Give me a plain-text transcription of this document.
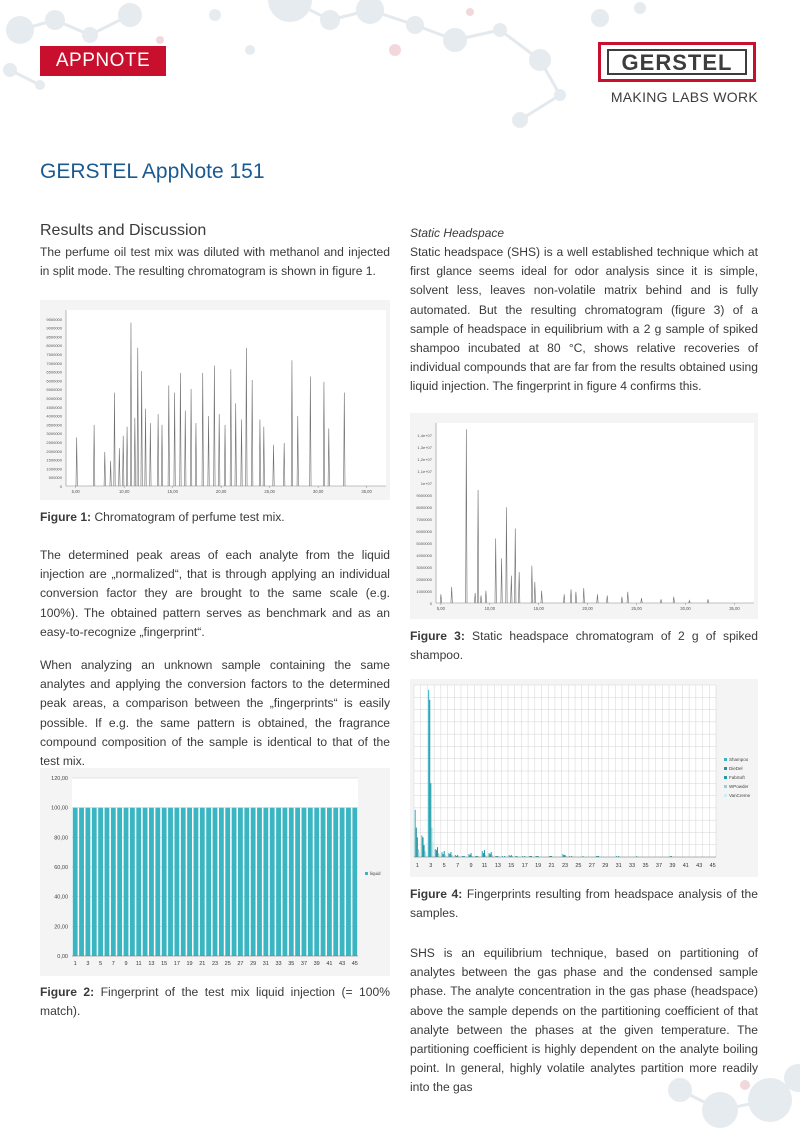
APPNOTE	GERSTEL
MAKING LABS WORK
GERSTEL AppNote 151
Results and Discussion
The perfume oil test mix was diluted with methanol and injected in split mode. The resulting chromatogram is shown in figure 1.
0
500000
1000000
1500000
2000000
2500000
3000000
3500000
4000000
4500000
5000000
5500000
6000000
6500000
7000000
7500000
8000000
8500000
9000000
9500000
5,00	10,00	15,00	20,00	25,00	30,00	35,00
Figure 1: Chromatogram of perfume test mix.
The determined peak areas of each analyte from the liquid injection are „normalized“, that is through applying an individual conversion factor they are brought to the same scale (e.g. 100%). The obtained pattern serves as benchmark and as an easy-to-recognize „fingerprint“.
When analyzing an unknown sample containing the same analytes and applying the conversion factors to the determined peak areas, a comparison between the „fingerprints“ is easily possible. If e.g. the same pattern is obtained, the fragrance compound composition of the sample is identical to that of the test mix.
0,00
20,00
40,00
60,00
80,00
100,00
120,00
1 3 5 7 9 11 13 15 17 19 21 23 25 27 29 31 33 35 37 39 41 43 45
liquid
Figure 2: Fingerprint of the test mix liquid injection (= 100% match).
Static Headspace
Static headspace (SHS) is a well established technique which at first glance seems ideal for odor analysis since it is simple, solvent less, leaves non-volatile matrix behind and is fully automated. But the resulting chromatogram (figure 3) of a sample of headspace in equilibrium with a 2 g sample of spiked shampoo incubated at 80 °C, shows relative recoveries of individual compounds that are far from the results obtained using liquid injection. The fingerprint in figure 4 confirms this.
0
1000000
2000000
3000000
4000000
5000000
6000000
7000000
8000000
9000000
1e+07
1,1e+07
1,2e+07
1,3e+07
1,4e+07
5,00	10,00	15,00	20,00	25,00	30,00	35,00
Figure 3: Static headspace chromatogram of 2 g of spiked shampoo.
1 3 5 7 9 11 13 15 17 19 21 23 25 27 29 31 33 35 37 39 41 43 45
Shampoo
DieDel
FabSoft
WPowder
VanCreme
Figure 4: Fingerprints resulting from headspace analysis of the samples.
SHS is an equilibrium technique, based on partitioning of analytes between the gas phase and the condensed sample phase. The analyte concentration in the gas phase (headspace) above the sample depends on the partitioning coefficient of that analyte between the phases at the given temperature. The partitioning coefficient is highly dependent on the analyte boiling point. In general, highly volatile analytes partition more readily into the gas
